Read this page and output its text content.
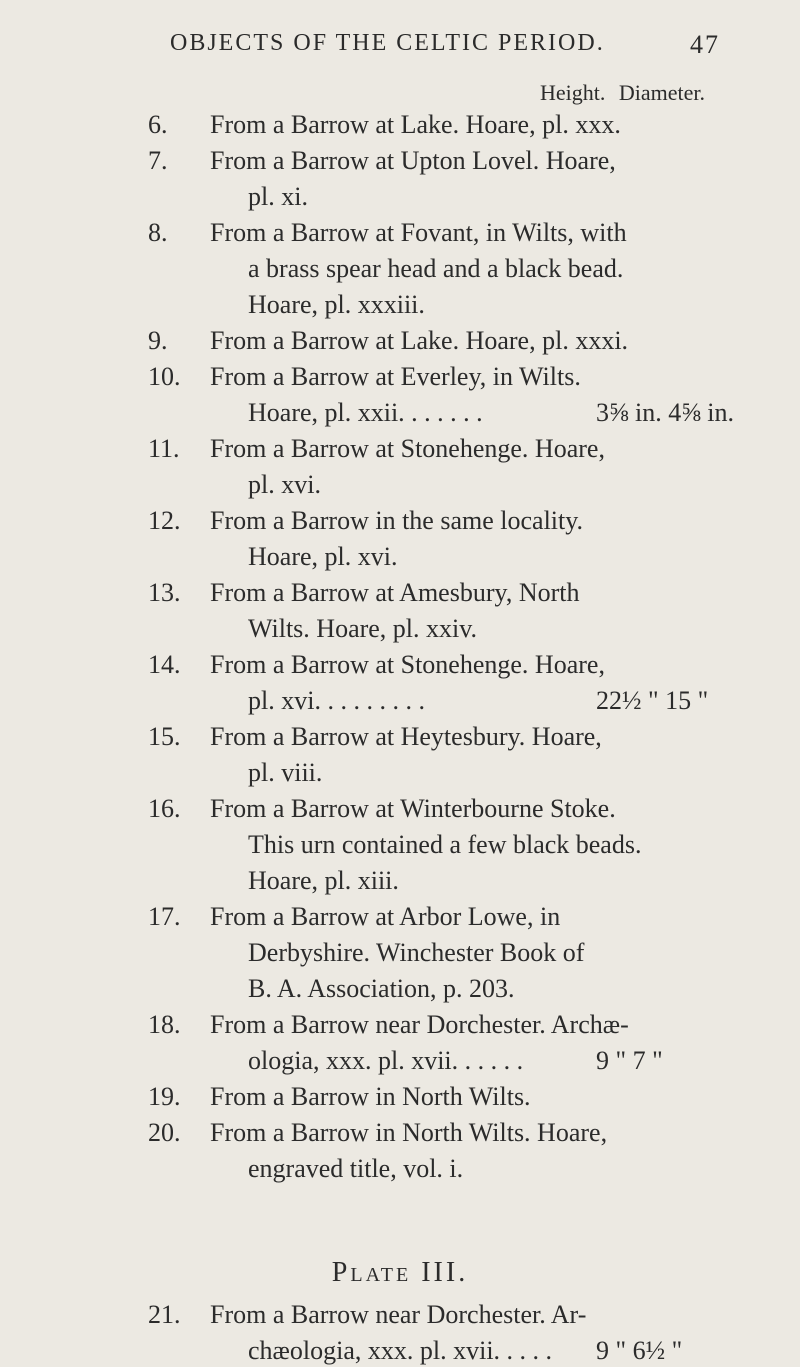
OBJECTS OF THE CELTIC PERIOD.	47
Height. Diameter.
6.	From a Barrow at Lake. Hoare, pl. xxx.
7.	From a Barrow at Upton Lovel. Hoare,
pl. xi.
8.	From a Barrow at Fovant, in Wilts, with
a brass spear head and a black bead.
Hoare, pl. xxxiii.
9.	From a Barrow at Lake. Hoare, pl. xxxi.
10.	From a Barrow at Everley, in Wilts.
Hoare, pl. xxii. . . . . . .	3⅝ in. 4⅝ in.
11.	From a Barrow at Stonehenge. Hoare,
pl. xvi.
12.	From a Barrow in the same locality.
Hoare, pl. xvi.
13.	From a Barrow at Amesbury, North
Wilts. Hoare, pl. xxiv.
14.	From a Barrow at Stonehenge. Hoare,
pl. xvi. . . . . . . . .	22½ " 15 "
15.	From a Barrow at Heytesbury. Hoare,
pl. viii.
16.	From a Barrow at Winterbourne Stoke.
This urn contained a few black beads.
Hoare, pl. xiii.
17.	From a Barrow at Arbor Lowe, in
Derbyshire. Winchester Book of
B. A. Association, p. 203.
18.	From a Barrow near Dorchester. Archæ-
ologia, xxx. pl. xvii. . . . . .	9 " 7 "
19.	From a Barrow in North Wilts.
20.	From a Barrow in North Wilts. Hoare,
engraved title, vol. i.
Plate III.
21.	From a Barrow near Dorchester. Ar-
chæologia, xxx. pl. xvii. . . . . 9 " 6½ "
